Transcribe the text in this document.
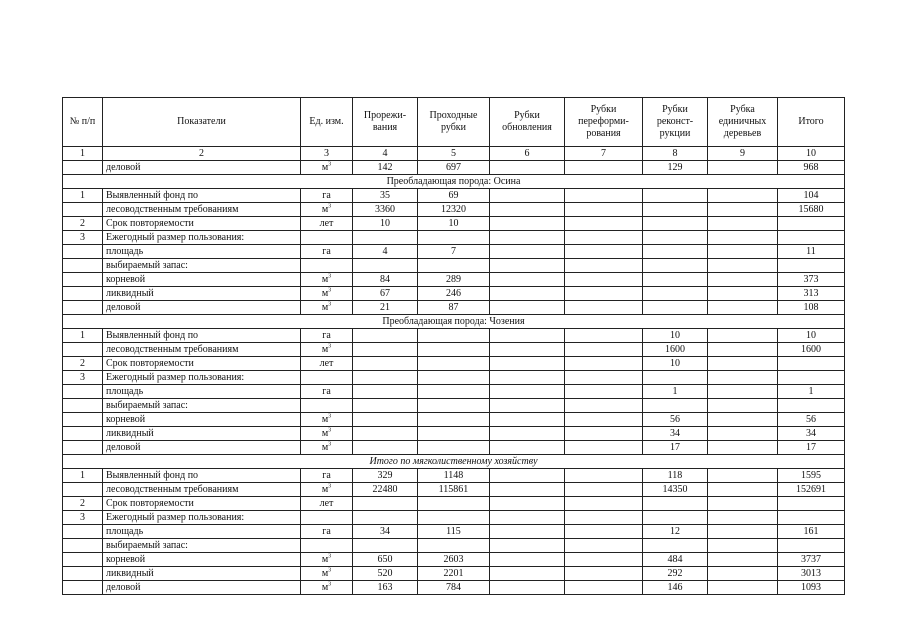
№ п/п	Показатели	Ед. изм.	Прорежи-вания	Проходные рубки	Рубки обновления	Рубки переформи-рования	Рубки реконст-рукции	Рубка единичных деревьев	Итого
1	2	3	4	5	6	7	8	9	10
	деловой	$м^3$	142	697			129		968
Преобладающая порода: Осина									
1	Выявленный фонд по	га	35	69					104
	лесоводственным требованиям	$м^3$	3360	12320					15680
2	Срок повторяемости	лет	10	10					
3	Ежегодный размер пользования:								
	площадь	га	4	7					11
	выбираемый запас:								
	корневой	$м^3$	84	289					373
	ликвидный	$м^3$	67	246					313
	деловой	$м^3$	21	87					108
Преобладающая порода: Чозения									
1	Выявленный фонд по	га					10		10
	лесоводственным требованиям	$м^3$					1600		1600
2	Срок повторяемости	лет					10		
3	Ежегодный размер пользования:								
	площадь	га					1		1
	выбираемый запас:								
	корневой	$м^3$					56		56
	ликвидный	$м^3$					34		34
	деловой	$м^3$					17		17
Итого по мягколиственному хозяйству									
1	Выявленный фонд по	га	329	1148			118		1595
	лесоводственным требованиям	$м^3$	22480	115861			14350		152691
2	Срок повторяемости	лет							
3	Ежегодный размер пользования:								
	площадь	га	34	115			12		161
	выбираемый запас:								
	корневой	$м^3$	650	2603			484		3737
	ликвидный	$м^3$	520	2201			292		3013
	деловой	$м^3$	163	784			146		1093
